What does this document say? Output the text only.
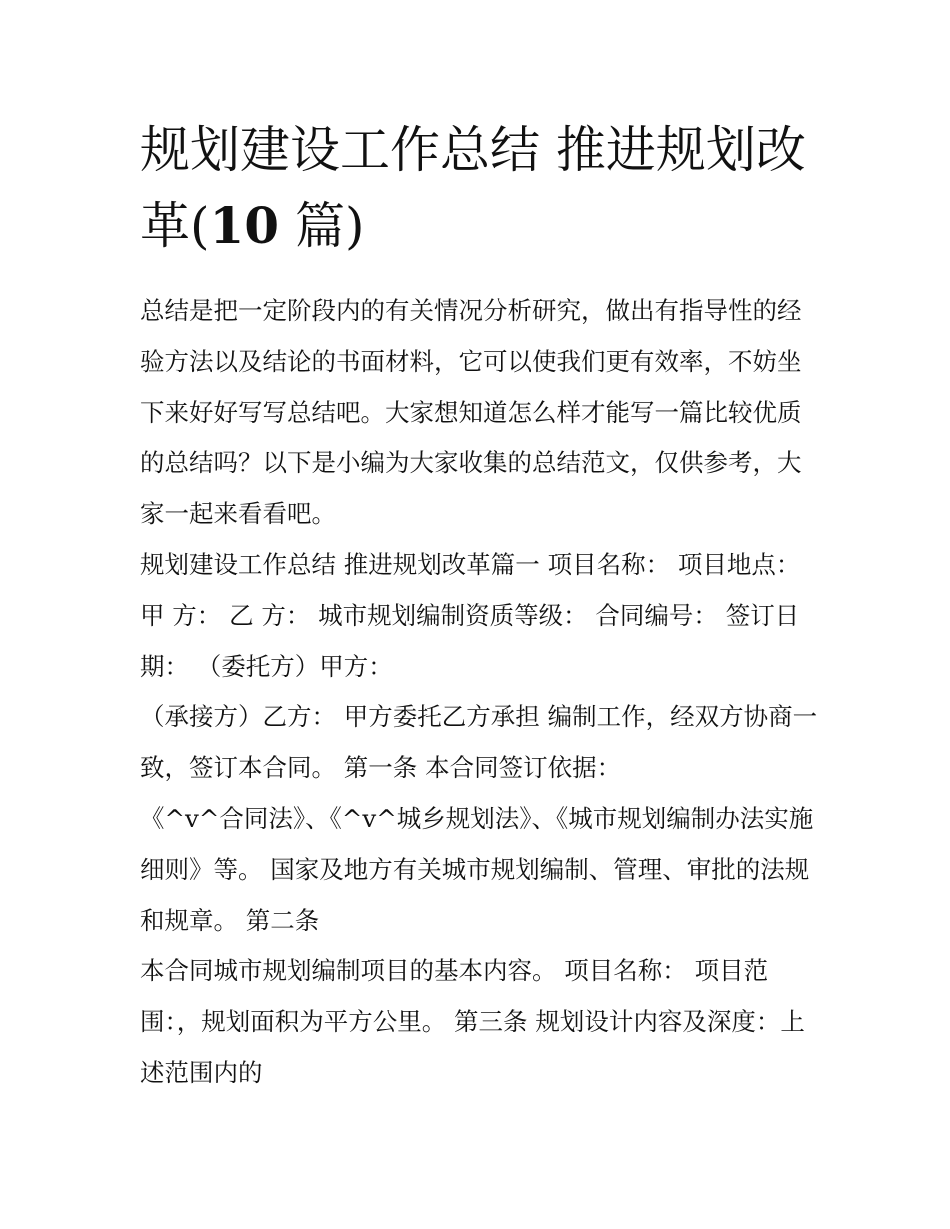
规划建设工作总结 推进规划改
革(10 篇)

总结是把一定阶段内的有关情况分析研究，做出有指导性的经验方法以及结论的书面材料，它可以使我们更有效率，不妨坐下来好好写写总结吧。大家想知道怎么样才能写一篇比较优质的总结吗？以下是小编为大家收集的总结范文，仅供参考，大家一起来看看吧。

规划建设工作总结 推进规划改革篇一 项目名称： 项目地点： 甲 方： 乙 方： 城市规划编制资质等级： 合同编号： 签订日期： （委托方）甲方：

（承接方）乙方： 甲方委托乙方承担 编制工作，经双方协商一致，签订本合同。 第一条 本合同签订依据：

《^v^合同法》、《^v^城乡规划法》、《城市规划编制办法实施细则》等。 国家及地方有关城市规划编制、管理、审批的法规和规章。 第二条

本合同城市规划编制项目的基本内容。 项目名称： 项目范围：，规划面积为平方公里。 第三条 规划设计内容及深度：上述范围内的
